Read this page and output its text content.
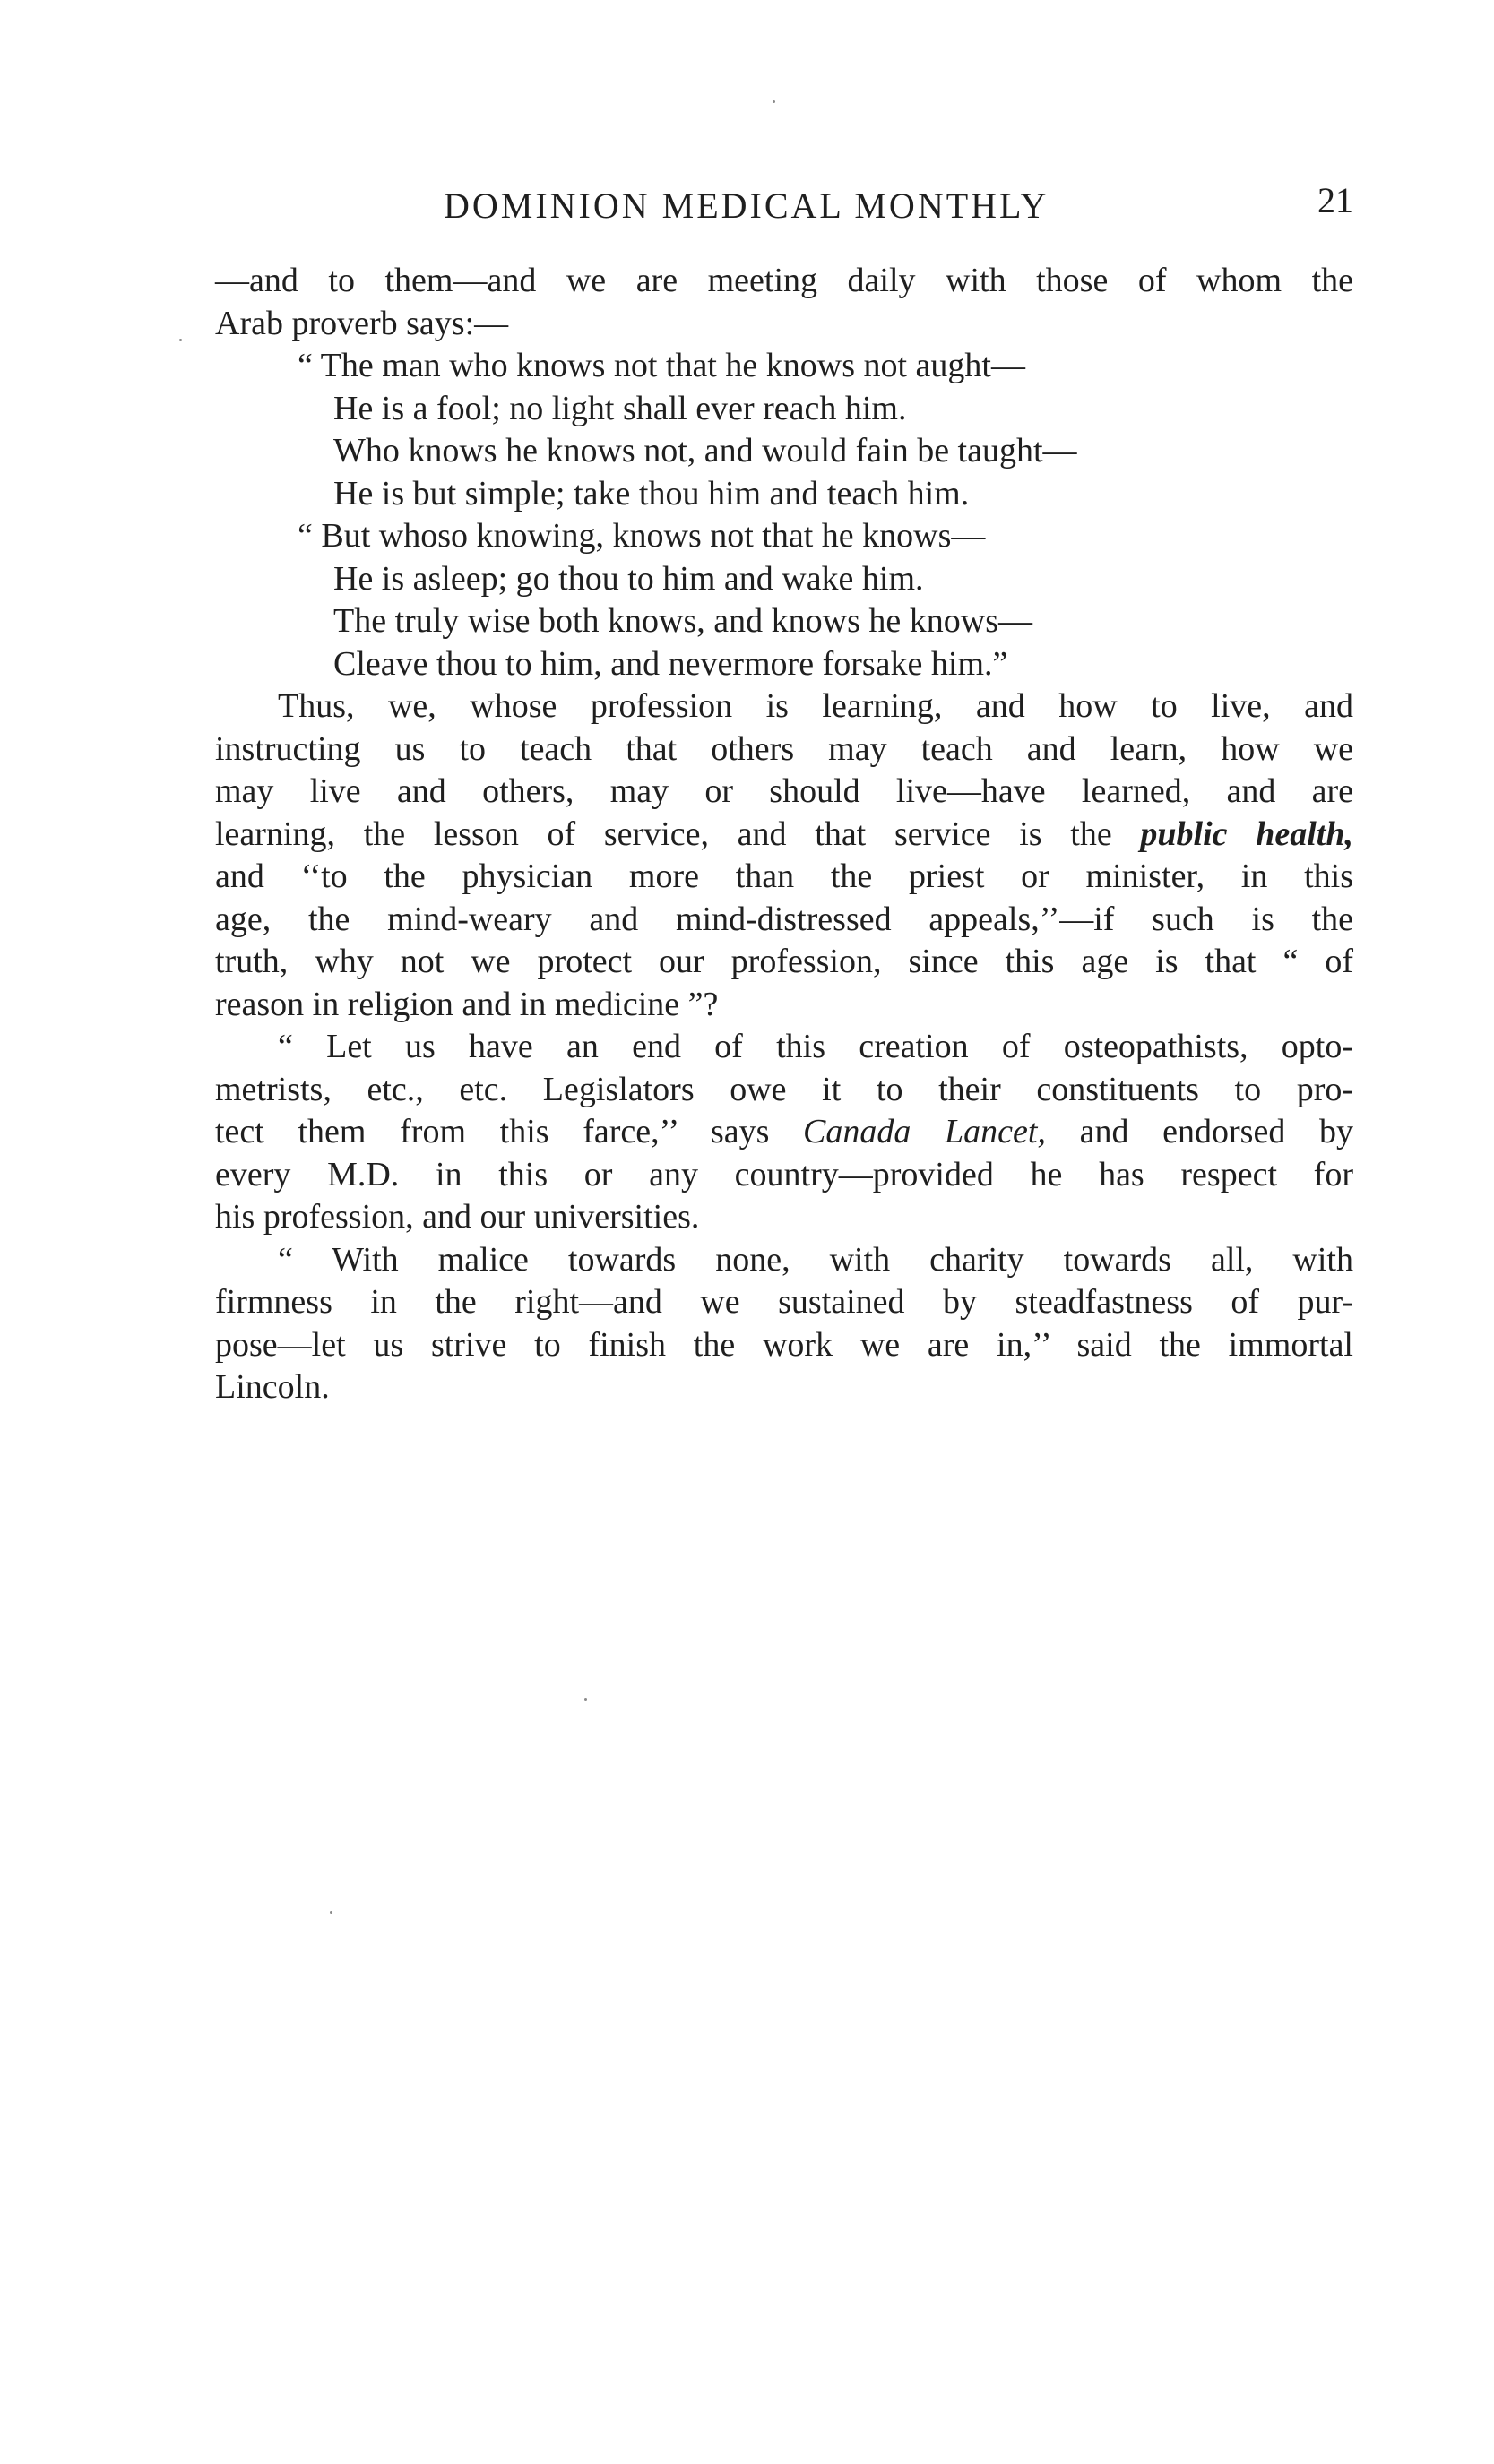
DOMINION MEDICAL MONTHLY	21
—and to them—and we are meeting daily with those of whom the
Arab proverb says:—
“ The man who knows not that he knows not aught—
He is a fool; no light shall ever reach him.
Who knows he knows not, and would fain be taught—
He is but simple; take thou him and teach him.
“ But whoso knowing, knows not that he knows—
He is asleep; go thou to him and wake him.
The truly wise both knows, and knows he knows—
Cleave thou to him, and nevermore forsake him.”
Thus, we, whose profession is learning, and how to live, and
instructing us to teach that others may teach and learn, how we
may live and others, may or should live—have learned, and are
learning, the lesson of service, and that service is the public health,
and ‘‘to the physician more than the priest or minister, in this
age, the mind-weary and mind-distressed appeals,’’—if such is the
truth, why not we protect our profession, since this age is that “ of
reason in religion and in medicine ”?
“ Let us have an end of this creation of osteopathists, opto-
metrists, etc., etc. Legislators owe it to their constituents to pro-
tect them from this farce,’’ says Canada Lancet, and endorsed by
every M.D. in this or any country—provided he has respect for
his profession, and our universities.
“ With malice towards none, with charity towards all, with
firmness in the right—and we sustained by steadfastness of pur-
pose—let us strive to finish the work we are in,’’ said the immortal
Lincoln.
